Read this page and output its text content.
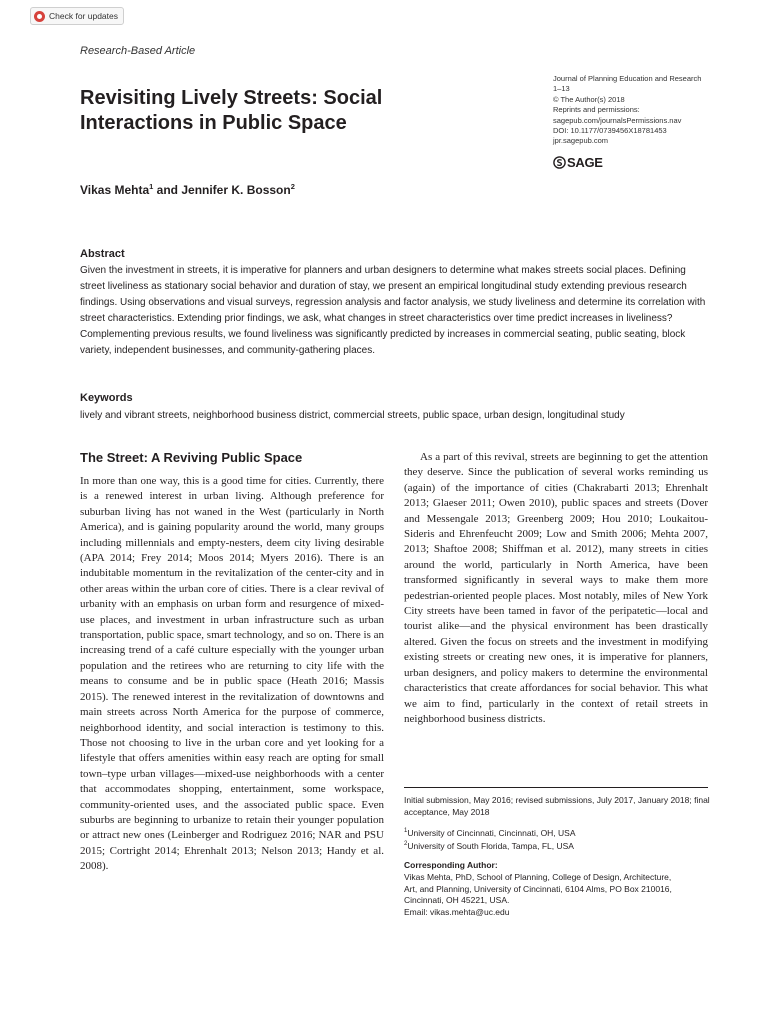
Check for updates
Research-Based Article
Revisiting Lively Streets: Social Interactions in Public Space
Journal of Planning Education and Research
1–13
© The Author(s) 2018
Reprints and permissions:
sagepub.com/journalsPermissions.nav
DOI: 10.1177/0739456X18781453
jpr.sagepub.com
SAGE
Vikas Mehta$^1$ and Jennifer K. Bosson$^2$
Abstract
Given the investment in streets, it is imperative for planners and urban designers to determine what makes streets social places. Defining street liveliness as stationary social behavior and duration of stay, we present an empirical longitudinal study extending previous research findings. Using observations and visual surveys, regression analysis and factor analysis, we study liveliness and determine its correlation with street characteristics. Extending prior findings, we ask, what changes in street characteristics over time predict increases in liveliness? Complementing previous results, we found liveliness was significantly predicted by increases in commercial seating, public seating, block variety, independent businesses, and community-gathering places.
Keywords
lively and vibrant streets, neighborhood business district, commercial streets, public space, urban design, longitudinal study
The Street: A Reviving Public Space
In more than one way, this is a good time for cities. Currently, there is a renewed interest in urban living. Although preference for suburban living has not waned in the West (particularly in North America), and is gaining popularity around the world, many groups including millennials and empty-nesters, deem city living desirable (APA 2014; Frey 2014; Moos 2014; Myers 2016). There is an indubitable momentum in the revitalization of the center-city and in other areas within the urban core of cities. There is a clear revival of urbanity with an emphasis on urban form and resurgence of mixed-use places, and investment in urban infrastructure such as urban transportation, public space, smart technology, and so on. There is an increasing trend of a café culture especially with the younger urban population and the retirees who are returning to city life with the means to consume and be in public space (Heath 2016; Massis 2015). The renewed interest in the revitalization of downtowns and main streets across North America for the purpose of commerce, neighborhood identity, and social interaction is testimony to this. Those not choosing to live in the urban core and yet looking for a lifestyle that offers amenities within easy reach are opting for small town–type urban villages—mixed-use neighborhoods with a center that accommodates shopping, entertainment, some workspace, community-oriented uses, and the associated public space. Even suburbs are beginning to urbanize to retain their younger population or attract new ones (Leinberger and Rodriguez 2016; NAR and PSU 2015; Cortright 2014; Ehrenhalt 2013; Nelson 2013; Handy et al. 2008).
As a part of this revival, streets are beginning to get the attention they deserve. Since the publication of several works reminding us (again) of the importance of cities (Chakrabarti 2013; Ehrenhalt 2013; Glaeser 2011; Owen 2010), public spaces and streets (Dover and Messengale 2013; Greenberg 2009; Hou 2010; Loukaitou-Sideris and Ehrenfeucht 2009; Low and Smith 2006; Mehta 2007, 2013; Shaftoe 2008; Shiffman et al. 2012), many streets in cities around the world, particularly in North America, have been transformed significantly in several ways to make them more pedestrian-oriented people places. Most notably, miles of New York City streets have been tamed in favor of the peripatetic—local and tourist alike—and the physical environment has been drastically altered. Given the focus on streets and the investment in modifying existing streets or creating new ones, it is imperative for planners, urban designers, and policy makers to determine the environmental characteristics that create affordances for social behavior. This what we aim to find, particularly in the context of retail streets in neighborhood business districts.
Initial submission, May 2016; revised submissions, July 2017, January 2018; final acceptance, May 2018
$^1$University of Cincinnati, Cincinnati, OH, USA
$^2$University of South Florida, Tampa, FL, USA
Corresponding Author:
Vikas Mehta, PhD, School of Planning, College of Design, Architecture,
Art, and Planning, University of Cincinnati, 6104 Alms, PO Box 210016,
Cincinnati, OH 45221, USA.
Email: vikas.mehta@uc.edu
